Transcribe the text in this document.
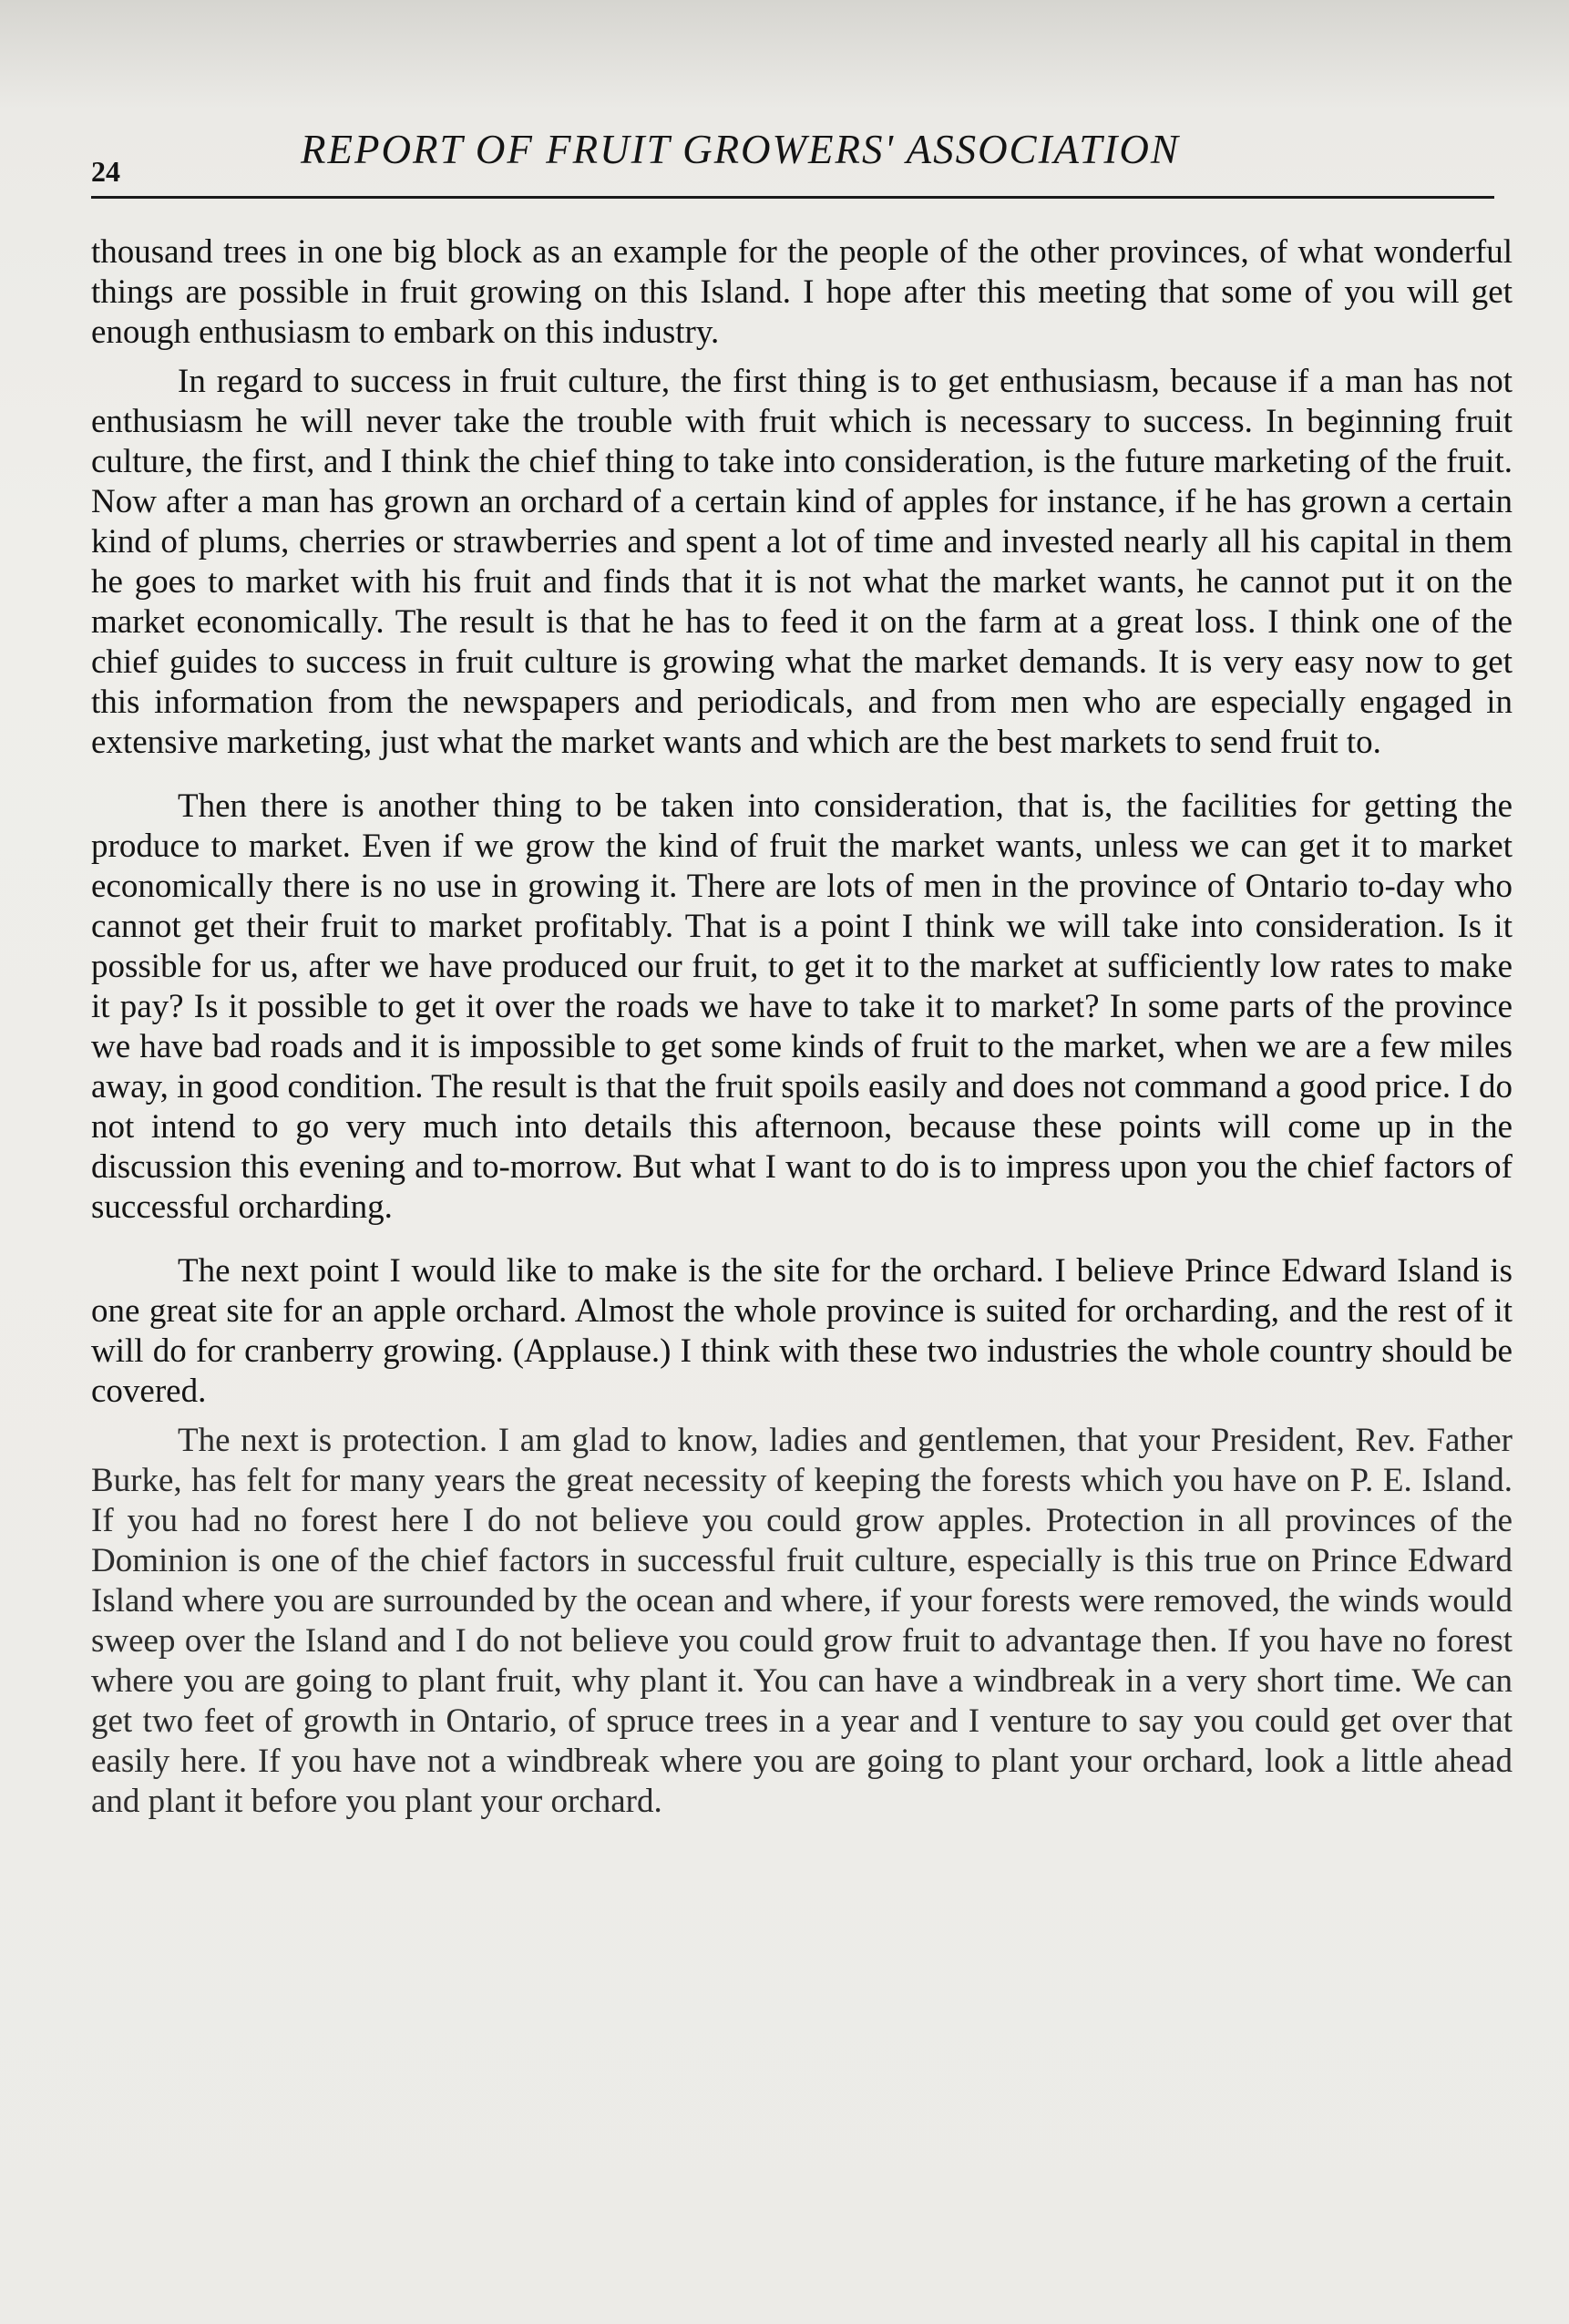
24	REPORT OF FRUIT GROWERS' ASSOCIATION

thousand trees in one big block as an example for the people of the other provinces, of what wonderful things are possible in fruit growing on this Island. I hope after this meeting that some of you will get enough enthusiasm to embark on this industry.

In regard to success in fruit culture, the first thing is to get enthusiasm, because if a man has not enthusiasm he will never take the trouble with fruit which is necessary to success. In beginning fruit culture, the first, and I think the chief thing to take into consideration, is the future marketing of the fruit. Now after a man has grown an orchard of a certain kind of apples for instance, if he has grown a certain kind of plums, cherries or strawberries and spent a lot of time and invested nearly all his capital in them he goes to market with his fruit and finds that it is not what the market wants, he cannot put it on the market economically. The result is that he has to feed it on the farm at a great loss. I think one of the chief guides to success in fruit culture is growing what the market demands. It is very easy now to get this information from the newspapers and periodicals, and from men who are especially engaged in extensive marketing, just what the market wants and which are the best markets to send fruit to.

Then there is another thing to be taken into consideration, that is, the facilities for getting the produce to market. Even if we grow the kind of fruit the market wants, unless we can get it to market economically there is no use in growing it. There are lots of men in the province of Ontario to-day who cannot get their fruit to market profitably. That is a point I think we will take into consideration. Is it possible for us, after we have produced our fruit, to get it to the market at sufficiently low rates to make it pay? Is it possible to get it over the roads we have to take it to market? In some parts of the province we have bad roads and it is impossible to get some kinds of fruit to the market, when we are a few miles away, in good condition. The result is that the fruit spoils easily and does not command a good price. I do not intend to go very much into details this afternoon, because these points will come up in the discussion this evening and to-morrow. But what I want to do is to impress upon you the chief factors of successful orcharding.

The next point I would like to make is the site for the orchard. I believe Prince Edward Island is one great site for an apple orchard. Almost the whole province is suited for orcharding, and the rest of it will do for cranberry growing. (Applause.) I think with these two industries the whole country should be covered.

The next is protection. I am glad to know, ladies and gentlemen, that your President, Rev. Father Burke, has felt for many years the great necessity of keeping the forests which you have on P. E. Island. If you had no forest here I do not believe you could grow apples. Protection in all provinces of the Dominion is one of the chief factors in successful fruit culture, especially is this true on Prince Edward Island where you are surrounded by the ocean and where, if your forests were removed, the winds would sweep over the Island and I do not believe you could grow fruit to advantage then. If you have no forest where you are going to plant fruit, why plant it. You can have a windbreak in a very short time. We can get two feet of growth in Ontario, of spruce trees in a year and I venture to say you could get over that easily here. If you have not a windbreak where you are going to plant your orchard, look a little ahead and plant it before you plant your orchard.
